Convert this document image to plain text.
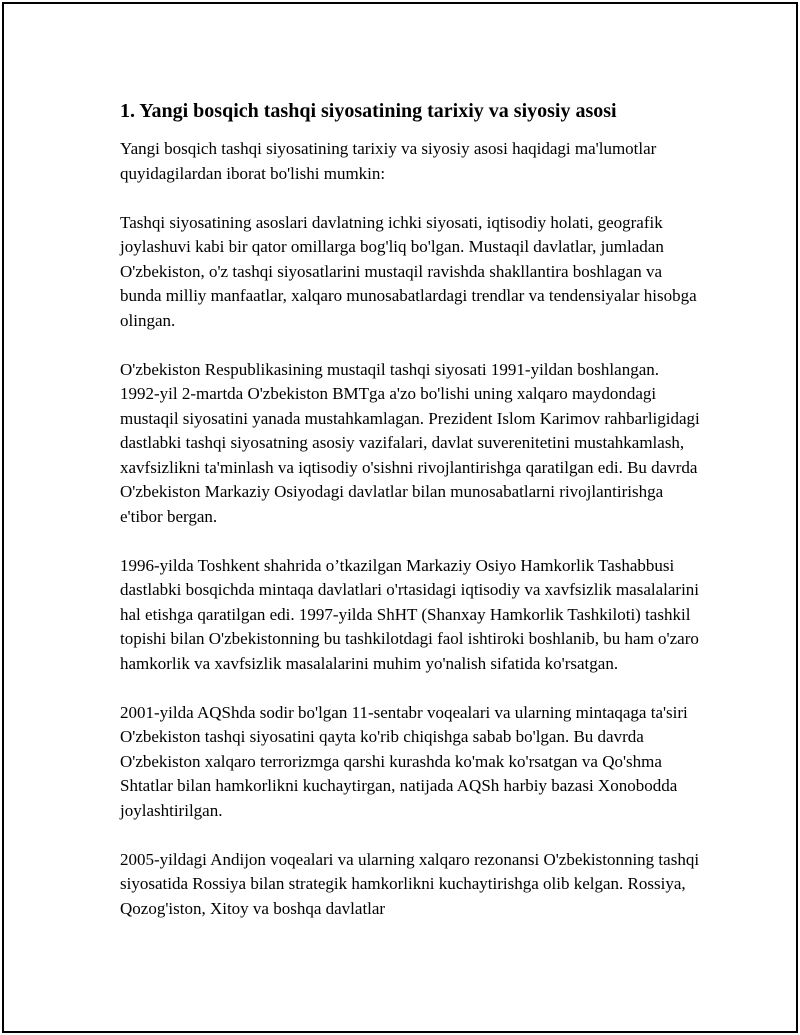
1. Yangi bosqich tashqi siyosatining tarixiy va siyosiy asosi

Yangi bosqich tashqi siyosatining tarixiy va siyosiy asosi haqidagi ma'lumotlar quyidagilardan iborat bo'lishi mumkin:

Tashqi siyosatining asoslari davlatning ichki siyosati, iqtisodiy holati, geografik joylashuvi kabi bir qator omillarga bog'liq bo'lgan. Mustaqil davlatlar, jumladan O'zbekiston, o'z tashqi siyosatlarini mustaqil ravishda shakllantira boshlagan va bunda milliy manfaatlar, xalqaro munosabatlardagi trendlar va tendensiyalar hisobga olingan.

O'zbekiston Respublikasining mustaqil tashqi siyosati 1991-yildan boshlangan. 1992-yil 2-martda O'zbekiston BMTga a'zo bo'lishi uning xalqaro maydondagi mustaqil siyosatini yanada mustahkamlagan. Prezident Islom Karimov rahbarligidagi dastlabki tashqi siyosatning asosiy vazifalari, davlat suverenitetini mustahkamlash, xavfsizlikni ta'minlash va iqtisodiy o'sishni rivojlantirishga qaratilgan edi. Bu davrda O'zbekiston Markaziy Osiyodagi davlatlar bilan munosabatlarni rivojlantirishga e'tibor bergan.

1996-yilda Toshkent shahrida o’tkazilgan Markaziy Osiyo Hamkorlik Tashabbusi dastlabki bosqichda mintaqa davlatlari o'rtasidagi iqtisodiy va xavfsizlik masalalarini hal etishga qaratilgan edi. 1997-yilda ShHT (Shanxay Hamkorlik Tashkiloti) tashkil topishi bilan O'zbekistonning bu tashkilotdagi faol ishtiroki boshlanib, bu ham o'zaro hamkorlik va xavfsizlik masalalarini muhim yo'nalish sifatida ko'rsatgan.

2001-yilda AQShda sodir bo'lgan 11-sentabr voqealari va ularning mintaqaga ta'siri O'zbekiston tashqi siyosatini qayta ko'rib chiqishga sabab bo'lgan. Bu davrda O'zbekiston xalqaro terrorizmga qarshi kurashda ko'mak ko'rsatgan va Qo'shma Shtatlar bilan hamkorlikni kuchaytirgan, natijada AQSh harbiy bazasi Xonobodda joylashtirilgan.

2005-yildagi Andijon voqealari va ularning xalqaro rezonansi O'zbekistonning tashqi siyosatida Rossiya bilan strategik hamkorlikni kuchaytirishga olib kelgan. Rossiya, Qozog'iston, Xitoy va boshqa davlatlar
